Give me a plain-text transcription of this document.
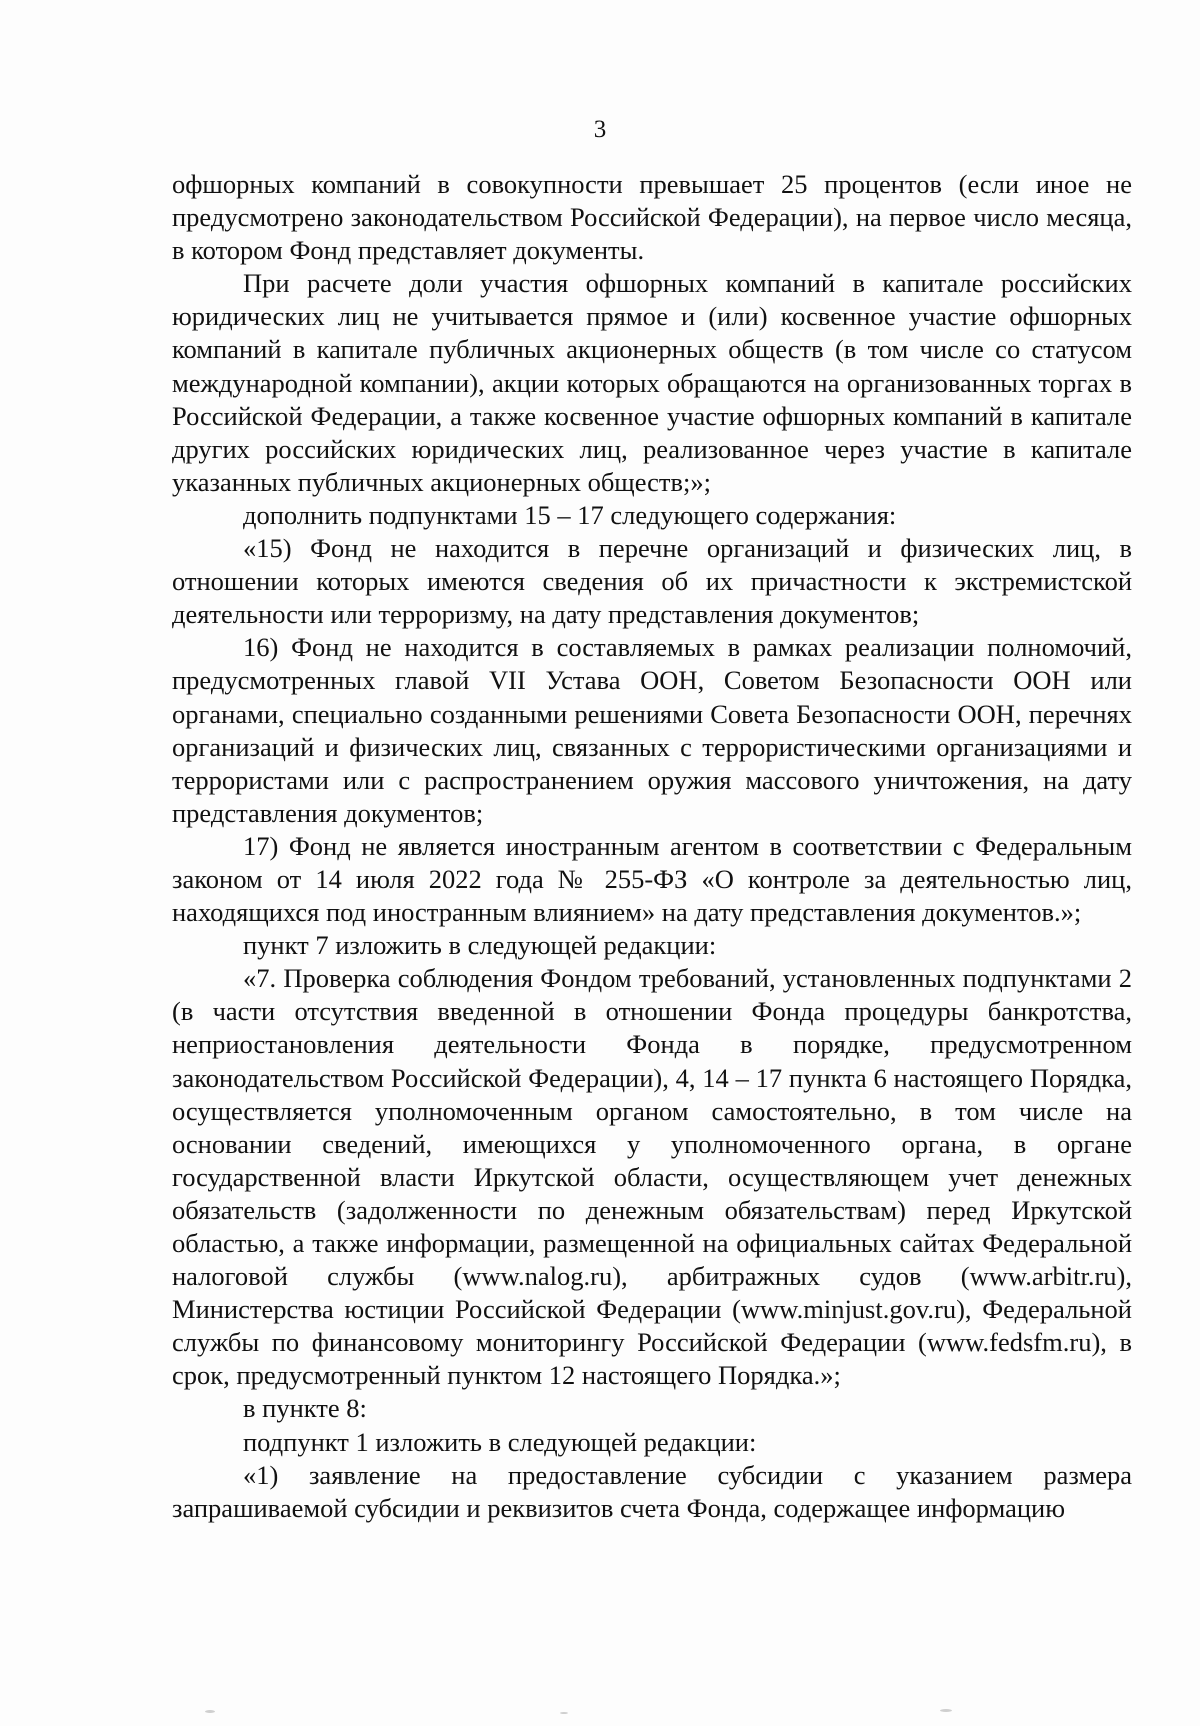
3

офшорных компаний в совокупности превышает 25 процентов (если иное не предусмотрено законодательством Российской Федерации), на первое число месяца, в котором Фонд представляет документы.

При расчете доли участия офшорных компаний в капитале российских юридических лиц не учитывается прямое и (или) косвенное участие офшорных компаний в капитале публичных акционерных обществ (в том числе со статусом международной компании), акции которых обращаются на организованных торгах в Российской Федерации, а также косвенное участие офшорных компаний в капитале других российских юридических лиц, реализованное через участие в капитале указанных публичных акционерных обществ;»;

дополнить подпунктами 15 – 17 следующего содержания:

«15) Фонд не находится в перечне организаций и физических лиц, в отношении которых имеются сведения об их причастности к экстремистской деятельности или терроризму, на дату представления документов;

16) Фонд не находится в составляемых в рамках реализации полномочий, предусмотренных главой VII Устава ООН, Советом Безопасности ООН или органами, специально созданными решениями Совета Безопасности ООН, перечнях организаций и физических лиц, связанных с террористическими организациями и террористами или с распространением оружия массового уничтожения, на дату представления документов;

17) Фонд не является иностранным агентом в соответствии с Федеральным законом от 14 июля 2022 года № 255-ФЗ «О контроле за деятельностью лиц, находящихся под иностранным влиянием» на дату представления документов.»;

пункт 7 изложить в следующей редакции:

«7. Проверка соблюдения Фондом требований, установленных подпунктами 2 (в части отсутствия введенной в отношении Фонда процедуры банкротства, неприостановления деятельности Фонда в порядке, предусмотренном законодательством Российской Федерации), 4, 14 – 17 пункта 6 настоящего Порядка, осуществляется уполномоченным органом самостоятельно, в том числе на основании сведений, имеющихся у уполномоченного органа, в органе государственной власти Иркутской области, осуществляющем учет денежных обязательств (задолженности по денежным обязательствам) перед Иркутской областью, а также информации, размещенной на официальных сайтах Федеральной налоговой службы (www.nalog.ru), арбитражных судов (www.arbitr.ru), Министерства юстиции Российской Федерации (www.minjust.gov.ru), Федеральной службы по финансовому мониторингу Российской Федерации (www.fedsfm.ru), в срок, предусмотренный пунктом 12 настоящего Порядка.»;

в пункте 8:

подпункт 1 изложить в следующей редакции:

«1) заявление на предоставление субсидии с указанием размера запрашиваемой субсидии и реквизитов счета Фонда, содержащее информацию
